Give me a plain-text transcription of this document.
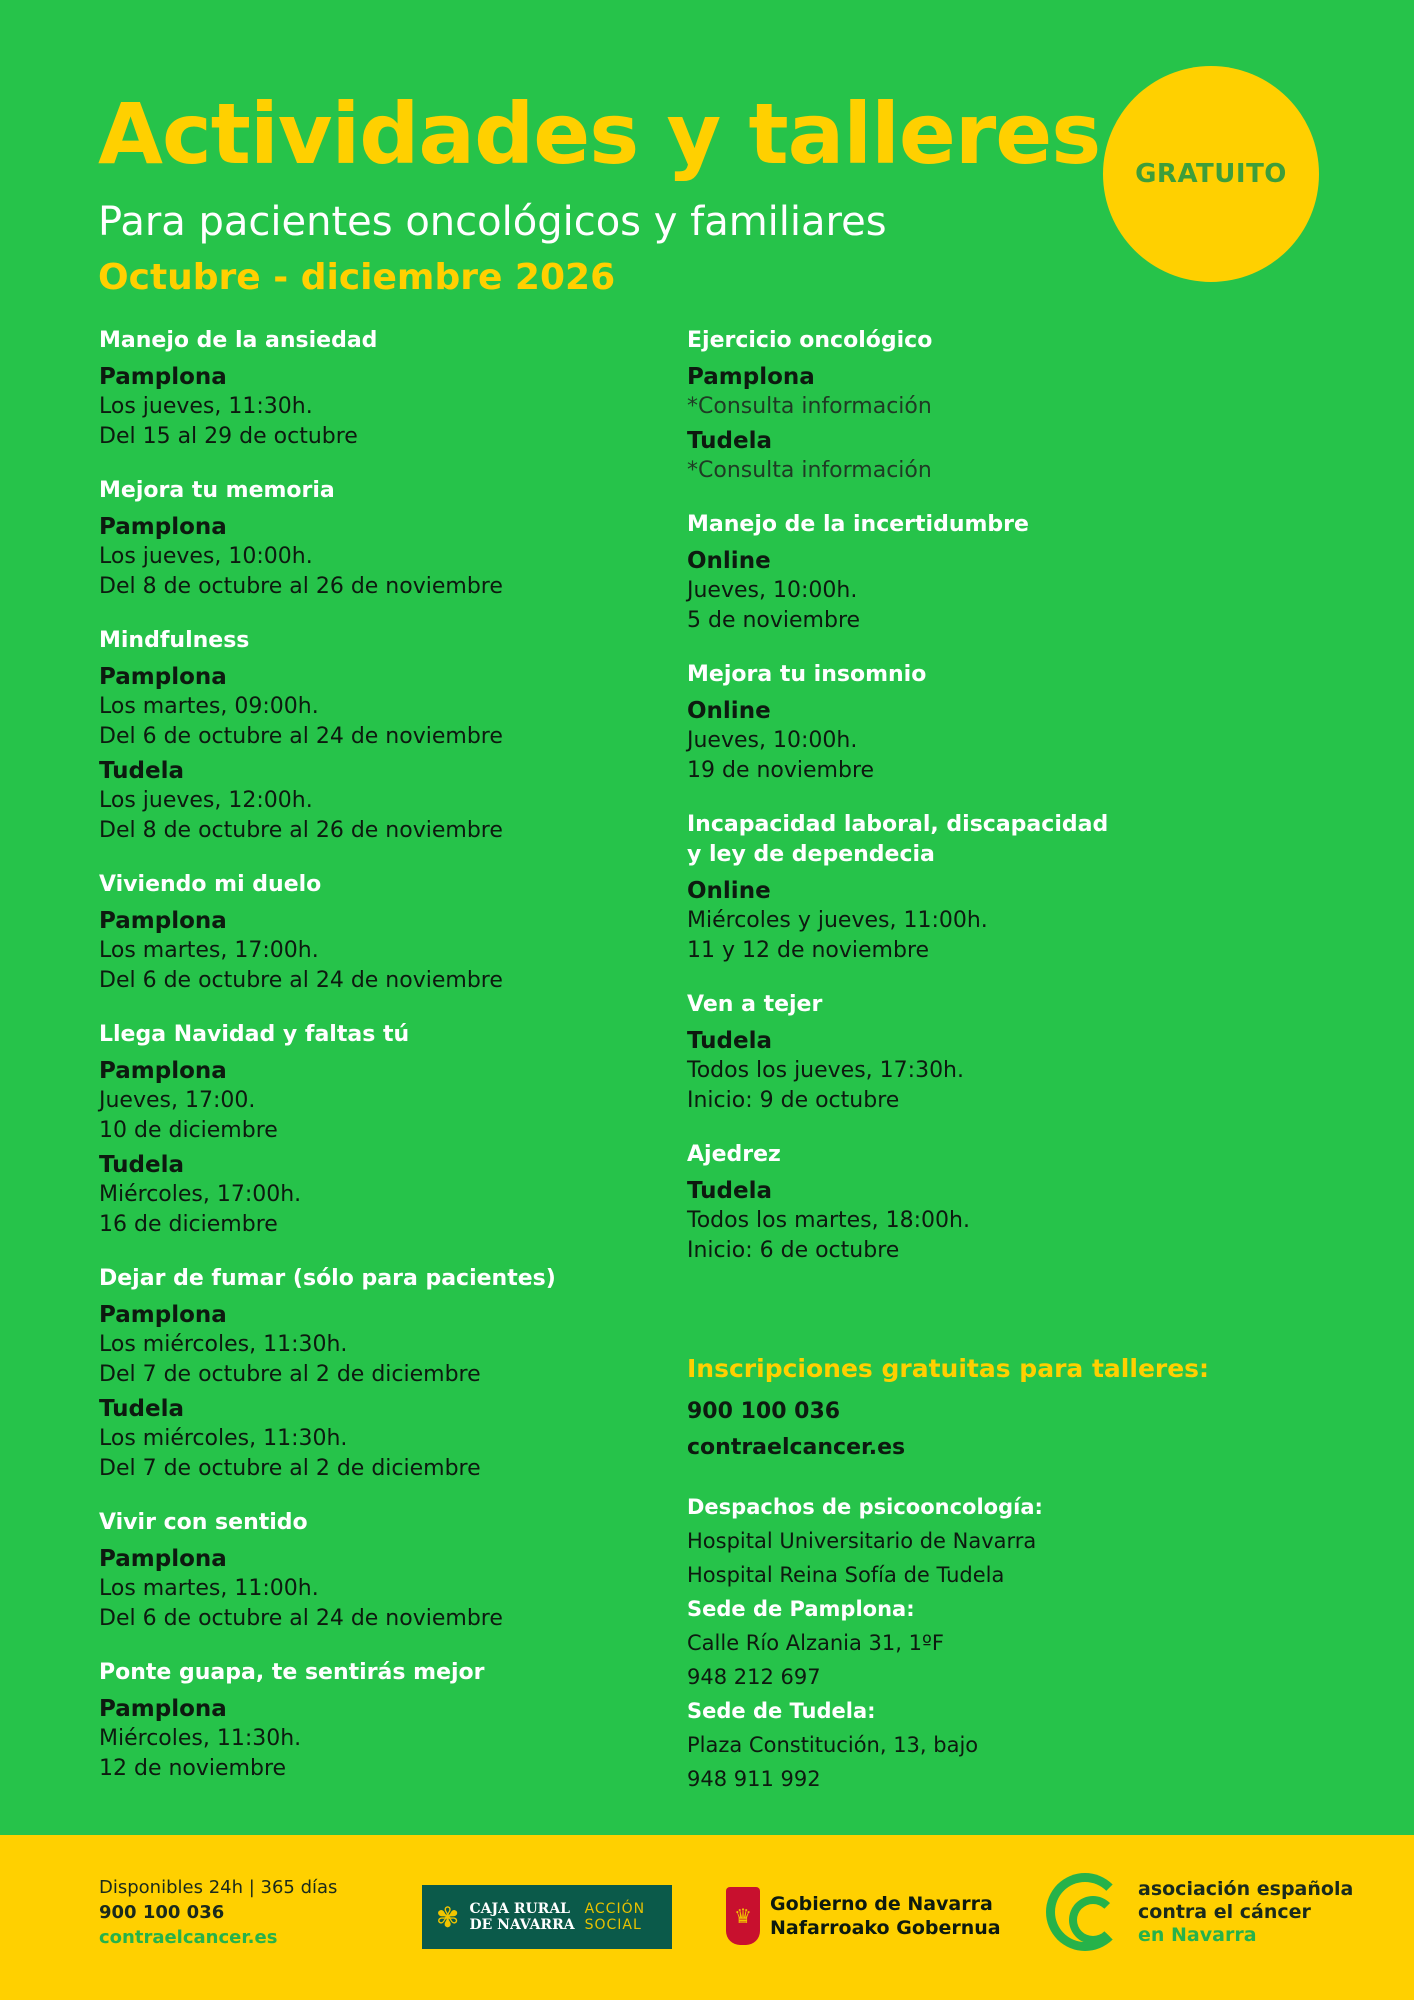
Actividades y talleres
Para pacientes oncológicos y familiares
Octubre - diciembre 2026
GRATUITO
Manejo de la ansiedad
Pamplona
Los jueves, 11:30h.
Del 15 al 29 de octubre
Mejora tu memoria
Pamplona
Los jueves, 10:00h.
Del 8 de octubre al 26 de noviembre
Mindfulness
Pamplona
Los martes, 09:00h.
Del 6 de octubre al 24 de noviembre
Tudela
Los jueves, 12:00h.
Del 8 de octubre al 26 de noviembre
Viviendo mi duelo
Pamplona
Los martes, 17:00h.
Del 6 de octubre al 24 de noviembre
Llega Navidad y faltas tú
Pamplona
Jueves, 17:00.
10 de diciembre
Tudela
Miércoles, 17:00h.
16 de diciembre
Dejar de fumar (sólo para pacientes)
Pamplona
Los miércoles, 11:30h.
Del 7 de octubre al 2 de diciembre
Tudela
Los miércoles, 11:30h.
Del 7 de octubre al 2 de diciembre
Vivir con sentido
Pamplona
Los martes, 11:00h.
Del 6 de octubre al 24 de noviembre
Ponte guapa, te sentirás mejor
Pamplona
Miércoles, 11:30h.
12 de noviembre
Ejercicio oncológico
Pamplona
*Consulta información
Tudela
*Consulta información
Manejo de la incertidumbre
Online
Jueves, 10:00h.
5 de noviembre
Mejora tu insomnio
Online
Jueves, 10:00h.
19 de noviembre
Incapacidad laboral, discapacidad
y ley de dependecia
Online
Miércoles y jueves, 11:00h.
11 y 12 de noviembre
Ven a tejer
Tudela
Todos los jueves, 17:30h.
Inicio: 9 de octubre
Ajedrez
Tudela
Todos los martes, 18:00h.
Inicio: 6 de octubre
Inscripciones gratuitas para talleres:
900 100 036
contraelcancer.es
Despachos de psicooncología:
Hospital Universitario de Navarra
Hospital Reina Sofía de Tudela
Sede de Pamplona:
Calle Río Alzania 31, 1ºF
948 212 697
Sede de Tudela:
Plaza Constitución, 13, bajo
948 911 992
Disponibles 24h | 365 días
900 100 036
contraelcancer.es
✾ CAJA RURAL
DE NAVARRA
ACCIÓN
SOCIAL	♛ Gobierno de Navarra
Nafarroako Gobernua
asociación española
contra el cáncer
en Navarra
